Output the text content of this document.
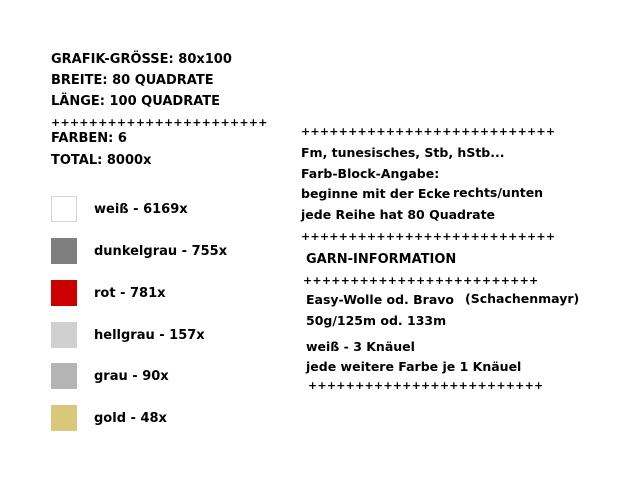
GRAFIK-GRÖSSE: 80x100
BREITE: 80 QUADRATE
LÄNGE: 100 QUADRATE
+++++++++++++++++++++++
FARBEN: 6
TOTAL: 8000x
weiß - 6169x
dunkelgrau - 755x
rot - 781x
hellgrau - 157x
grau - 90x
gold - 48x
+++++++++++++++++++++++++++
Fm, tunesisches, Stb, hStb...
Farb-Block-Angabe:
beginne mit der Ecke rechts/unten
jede Reihe hat 80 Quadrate
+++++++++++++++++++++++++++
GARN-INFORMATION
+++++++++++++++++++++++++
Easy-Wolle od. Bravo (Schachenmayr)
50g/125m od. 133m
weiß - 3 Knäuel
jede weitere Farbe je 1 Knäuel
+++++++++++++++++++++++++
